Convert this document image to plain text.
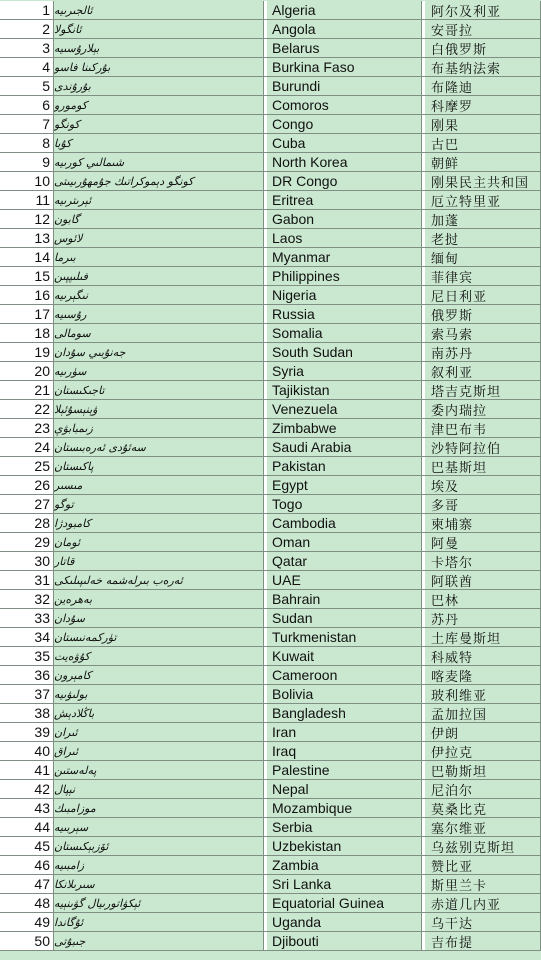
1 ئالجىرىيە	Algeria	阿尔及利亚
2 ئانگولا	Angola	安哥拉
3 بېلارۇسىيە	Belarus	白俄罗斯
4 بۇركىنا فاسو	Burkina Faso	布基纳法索
5 بۇرۇندى	Burundi	布隆迪
6 كومورو	Comoros	科摩罗
7 كونگو	Congo	刚果
8 كۇبا	Cuba	古巴
9 شىمالىي كورىيە	North Korea	朝鲜
10 كونگو دېموكراتىك جۇمھۇرىيىتى	DR Congo	刚果民主共和国
11 ئېرىترىيە	Eritrea	厄立特里亚
12 گابون	Gabon	加蓬
13 لائوس	Laos	老挝
14 بىرما	Myanmar	缅甸
15 فىلىپپىن	Philippines	菲律宾
16 نىگېرىيە	Nigeria	尼日利亚
17 رۇسىيە	Russia	俄罗斯
18 سومالى	Somalia	索马索
19 جەنۇبىي سۇدان	South Sudan	南苏丹
20 سۈرىيە	Syria	叙利亚
21 تاجىكىستان	Tajikistan	塔吉克斯坦
22 ۋېنېسۇئېلا	Venezuela	委内瑞拉
23 زىمبابۋې	Zimbabwe	津巴布韦
24 سەئۇدى ئەرەبىستان	Saudi Arabia	沙特阿拉伯
25 پاكىستان	Pakistan	巴基斯坦
26 مىسىر	Egypt	埃及
27 توگو	Togo	多哥
28 كامبودژا	Cambodia	柬埔寨
29 ئومان	Oman	阿曼
30 قاتار	Qatar	卡塔尔
31 ئەرەب بىرلەشمە خەلىپىلىكى	UAE	阿联酋
32 بەھرەين	Bahrain	巴林
33 سۇدان	Sudan	苏丹
34 تۈركمەنىستان	Turkmenistan	土库曼斯坦
35 كۇۋەيت	Kuwait	科威特
36 كامېرون	Cameroon	喀麦隆
37 بولىۋىيە	Bolivia	玻利维亚
38 باڭلادېش	Bangladesh	孟加拉国
39 ئىران	Iran	伊朗
40 ئىراق	Iraq	伊拉克
41 پەلەستىن	Palestine	巴勒斯坦
42 نېپال	Nepal	尼泊尔
43 موزامبىك	Mozambique	莫桑比克
44 سېربىيە	Serbia	塞尔维亚
45 ئۆزبېكىستان	Uzbekistan	乌兹别克斯坦
46 زامبىيە	Zambia	赞比亚
47 سىرىلانكا	Sri Lanka	斯里兰卡
48 ئېكۋاتورىيال گۋىنېيە	Equatorial Guinea	赤道几内亚
49 ئۇگاندا	Uganda	乌干达
50 جىبۇتى	Djibouti	吉布提
